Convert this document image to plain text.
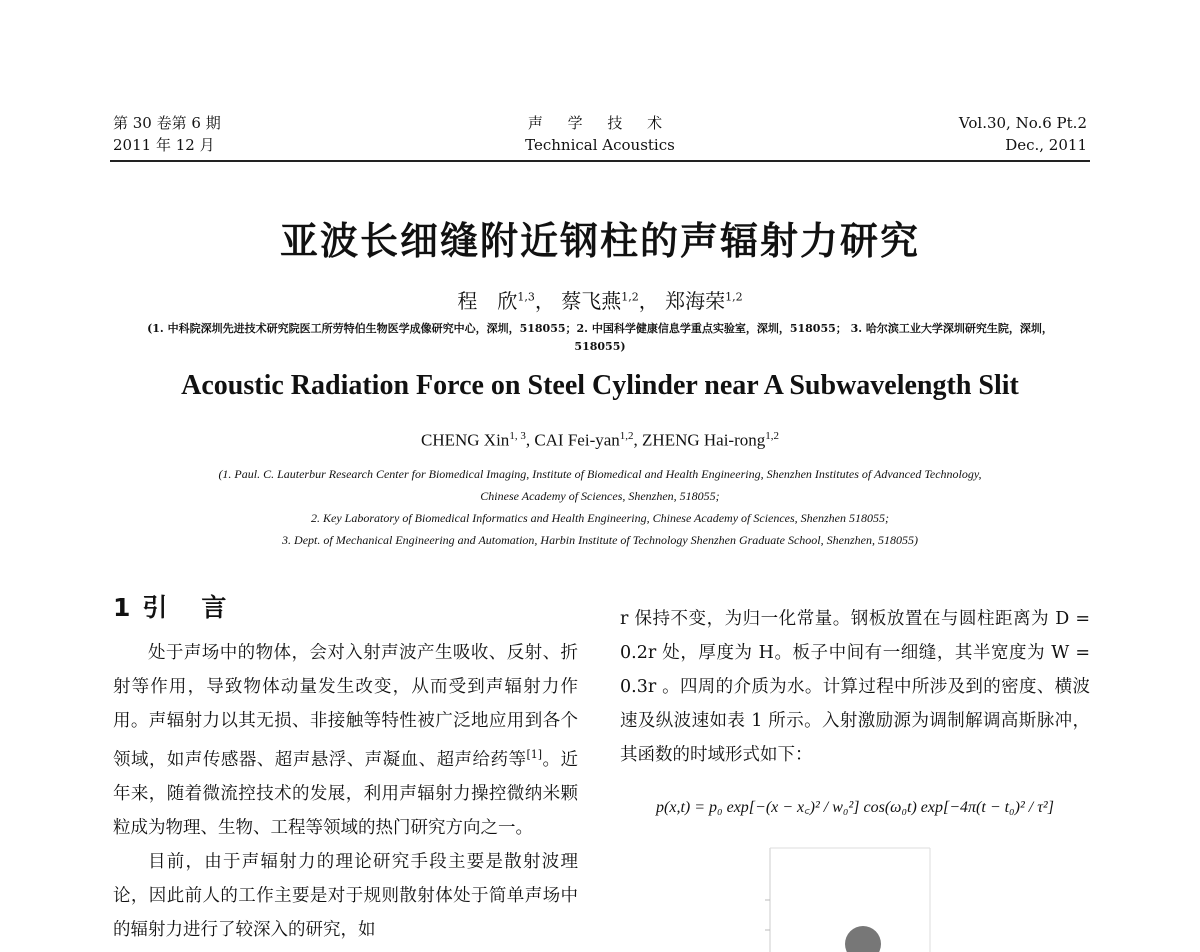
第 30 卷第 6 期
2011 年 12 月
声 学 技 术
Technical Acoustics
Vol.30, No.6 Pt.2
Dec., 2011
亚波长细缝附近钢柱的声辐射力研究
程　欣$^{1,3}$， 蔡飞燕$^{1,2}$， 郑海荣$^{1,2}$
(1. 中科院深圳先进技术研究院医工所劳特伯生物医学成像研究中心，深圳，518055；2. 中国科学健康信息学重点实验室，深圳，518055； 3. 哈尔滨工业大学深圳研究生院，深圳，518055)
Acoustic Radiation Force on Steel Cylinder near A Subwavelength Slit
CHENG Xin$^{1, 3}$, CAI Fei-yan$^{1,2}$, ZHENG Hai-rong$^{1,2}$
(1. Paul. C. Lauterbur Research Center for Biomedical Imaging, Institute of Biomedical and Health Engineering, Shenzhen Institutes of Advanced Technology,
Chinese Academy of Sciences, Shenzhen, 518055;
2. Key Laboratory of Biomedical Informatics and Health Engineering, Chinese Academy of Sciences, Shenzhen 518055;
3. Dept. of Mechanical Engineering and Automation, Harbin Institute of Technology Shenzhen Graduate School, Shenzhen, 518055)
1 引 言

处于声场中的物体，会对入射声波产生吸收、反射、折射等作用，导致物体动量发生改变，从而受到声辐射力作用。声辐射力以其无损、非接触等特性被广泛地应用到各个领域，如声传感器、超声悬浮、声凝血、超声给药等[1]。近年来，随着微流控技术的发展，利用声辐射力操控微纳米颗粒成为物理、生物、工程等领域的热门研究方向之一。

目前，由于声辐射力的理论研究手段主要是散射波理论，因此前人的工作主要是对于规则散射体处于简单声场中的辐射力进行了较深入的研究，如

r 保持不变，为归一化常量。钢板放置在与圆柱距离为 D = 0.2r 处，厚度为 H。板子中间有一细缝，其半宽度为 W = 0.3r 。四周的介质为水。计算过程中所涉及到的密度、横波速及纵波速如表 1 所示。入射激励源为调制解调高斯脉冲，其函数的时域形式如下：

p(x,t) = p₀ exp[−(x − x꜀)² / w₀²] cos(ω₀t) exp[−4π(t − t₀)² / τ²]
